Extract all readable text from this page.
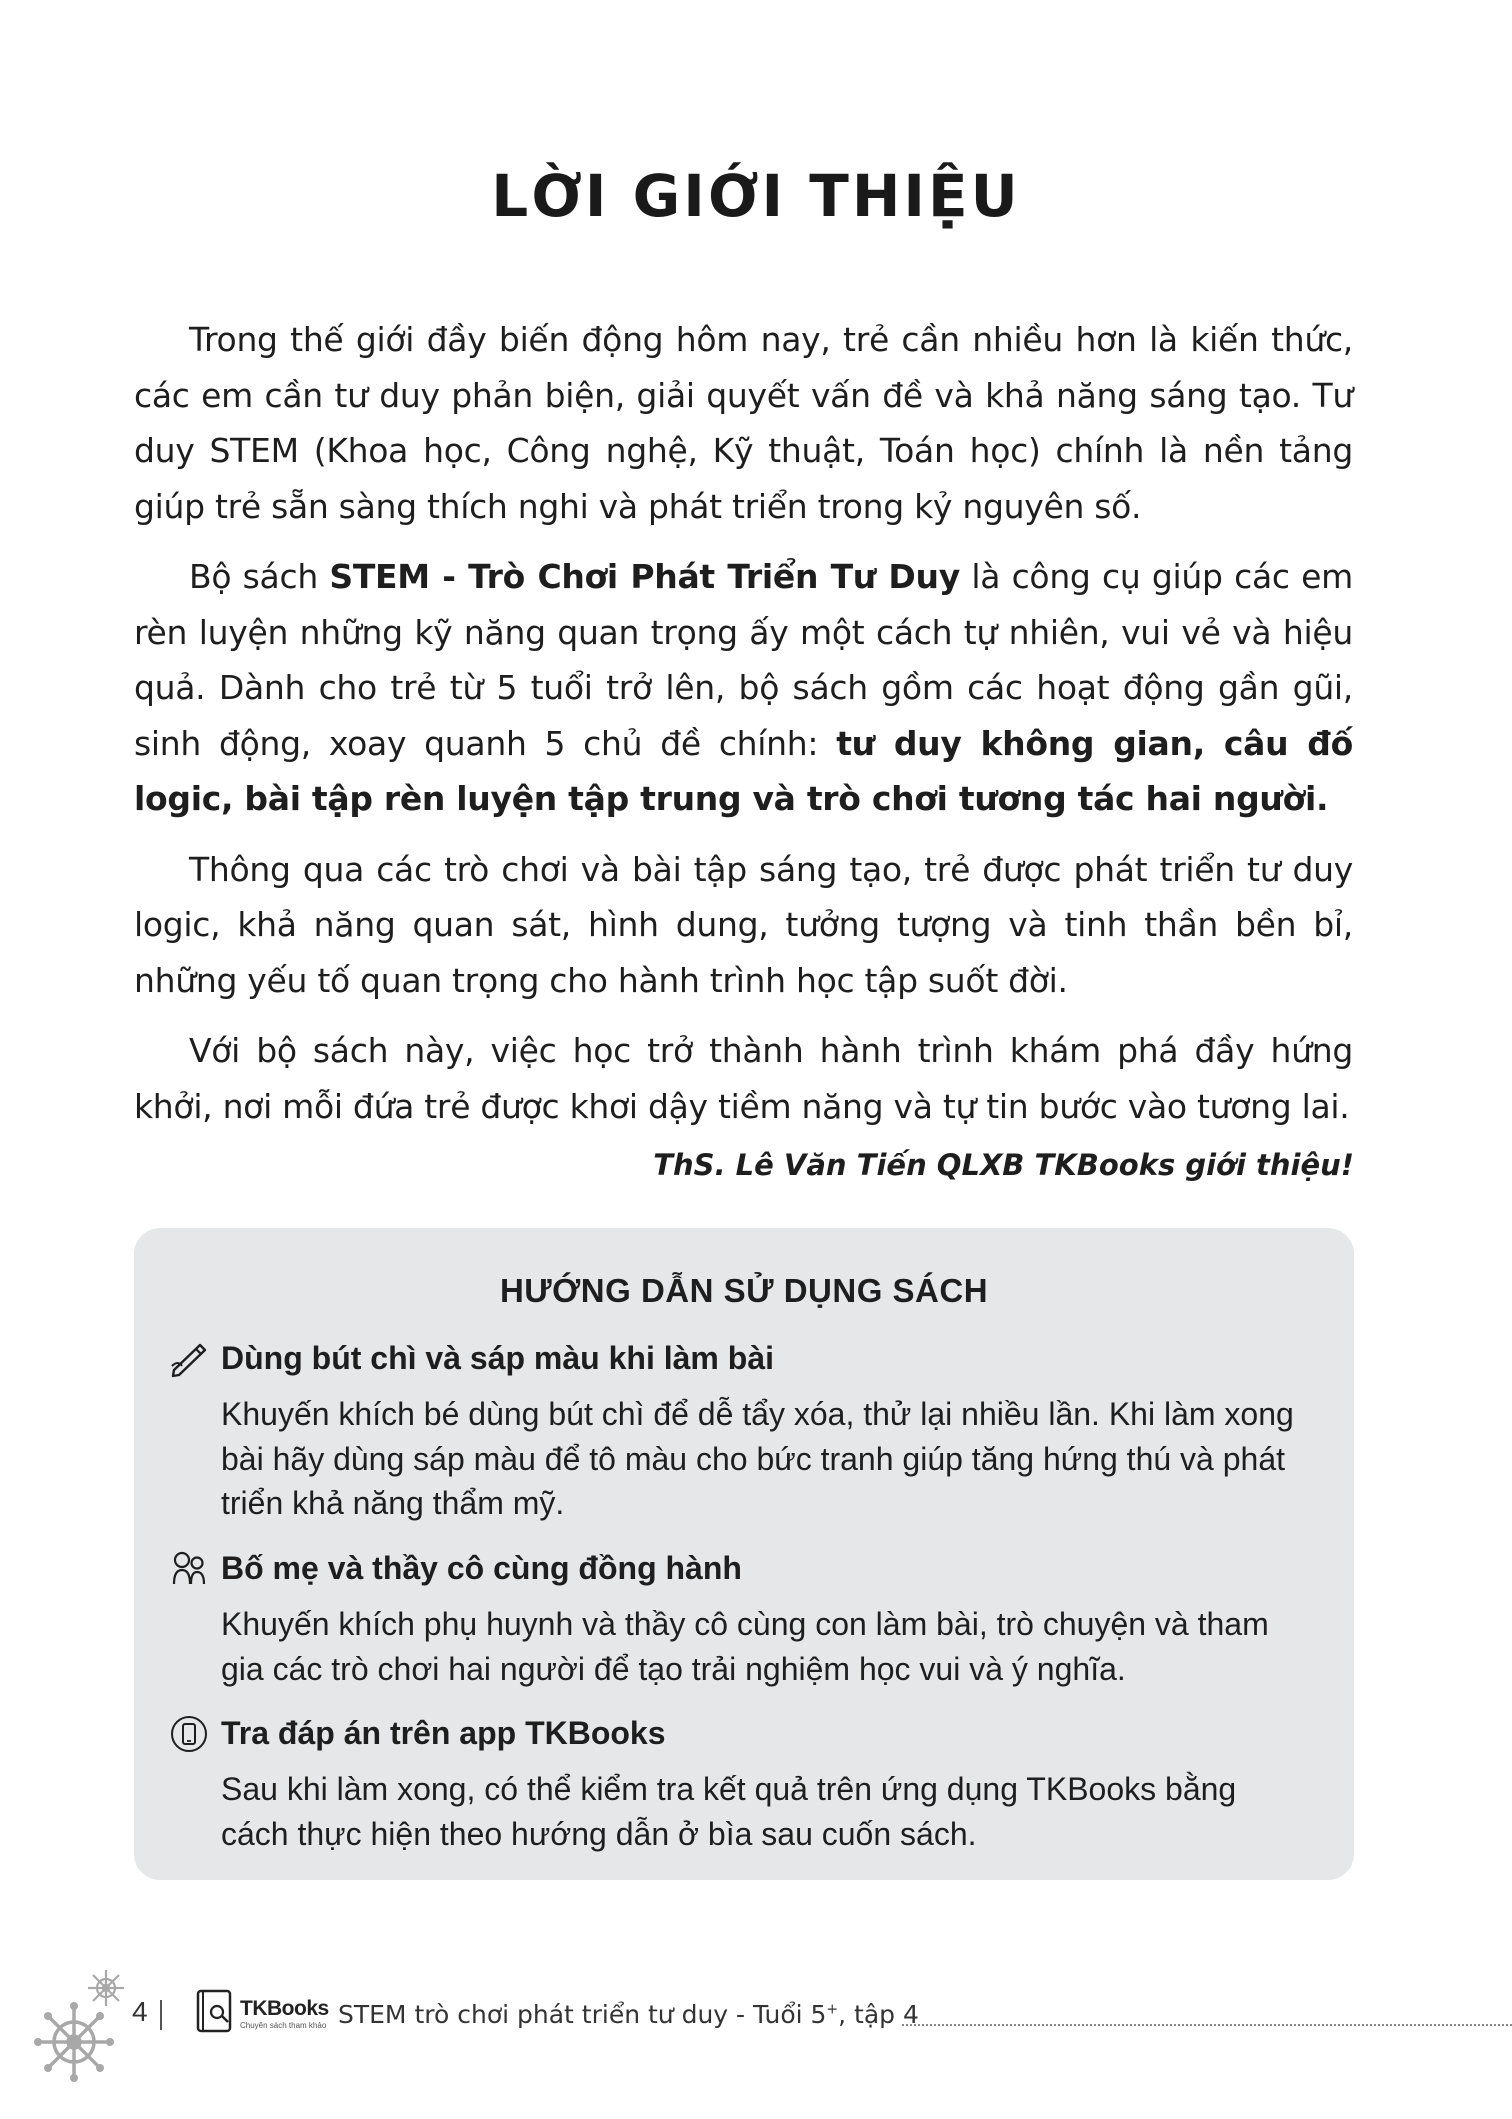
LỜI GIỚI THIỆU

Trong thế giới đầy biến động hôm nay, trẻ cần nhiều hơn là kiến thức, các em cần tư duy phản biện, giải quyết vấn đề và khả năng sáng tạo. Tư duy STEM (Khoa học, Công nghệ, Kỹ thuật, Toán học) chính là nền tảng giúp trẻ sẵn sàng thích nghi và phát triển trong kỷ nguyên số.

Bộ sách STEM - Trò Chơi Phát Triển Tư Duy là công cụ giúp các em rèn luyện những kỹ năng quan trọng ấy một cách tự nhiên, vui vẻ và hiệu quả. Dành cho trẻ từ 5 tuổi trở lên, bộ sách gồm các hoạt động gần gũi, sinh động, xoay quanh 5 chủ đề chính: tư duy không gian, câu đố logic, bài tập rèn luyện tập trung và trò chơi tương tác hai người.

Thông qua các trò chơi và bài tập sáng tạo, trẻ được phát triển tư duy logic, khả năng quan sát, hình dung, tưởng tượng và tinh thần bền bỉ, những yếu tố quan trọng cho hành trình học tập suốt đời.

Với bộ sách này, việc học trở thành hành trình khám phá đầy hứng khởi, nơi mỗi đứa trẻ được khơi dậy tiềm năng và tự tin bước vào tương lai.

ThS. Lê Văn Tiến QLXB TKBooks giới thiệu!
HƯỚNG DẪN SỬ DỤNG SÁCH
Dùng bút chì và sáp màu khi làm bài
Khuyến khích bé dùng bút chì để dễ tẩy xóa, thử lại nhiều lần. Khi làm xong bài hãy dùng sáp màu để tô màu cho bức tranh giúp tăng hứng thú và phát triển khả năng thẩm mỹ.
Bố mẹ và thầy cô cùng đồng hành
Khuyến khích phụ huynh và thầy cô cùng con làm bài, trò chuyện và tham gia các trò chơi hai người để tạo trải nghiệm học vui và ý nghĩa.
Tra đáp án trên app TKBooks
Sau khi làm xong, có thể kiểm tra kết quả trên ứng dụng TKBooks bằng cách thực hiện theo hướng dẫn ở bìa sau cuốn sách.
4	TKBooks
Chuyên sách tham khảo STEM trò chơi phát triển tư duy - Tuổi 5+, tập 4
